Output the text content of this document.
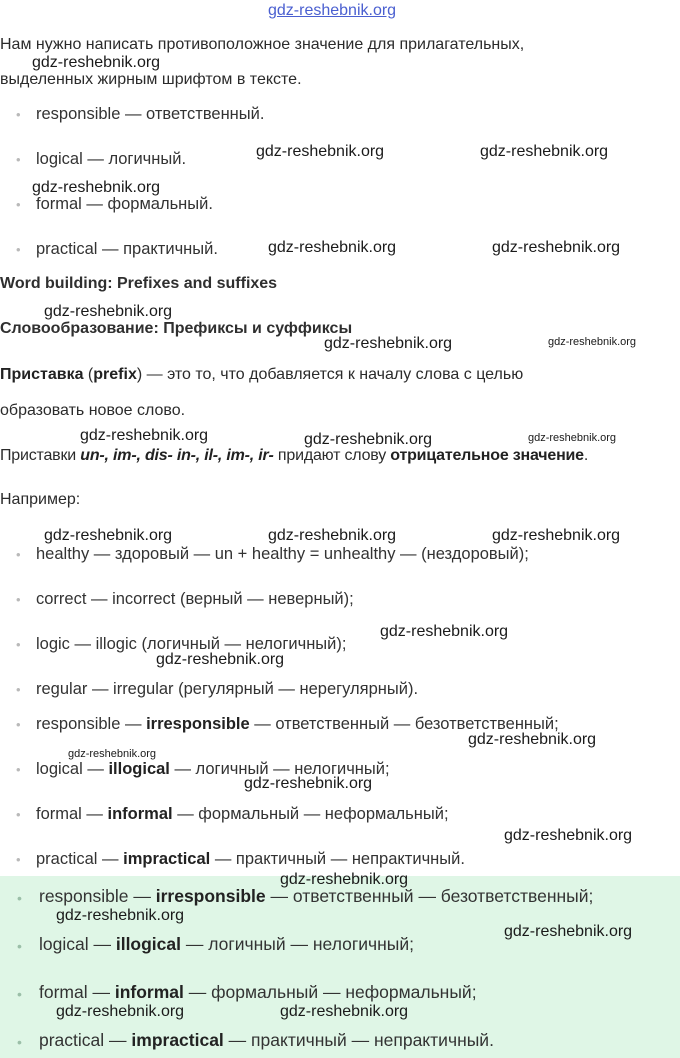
gdz-reshebnik.org
Нам нужно написать противоположное значение для прилагательных,
выделенных жирным шрифтом в тексте.
• responsible — ответственный.
• logical — логичный.
• formal — формальный.
• practical — практичный.
Word building: Prefixes and suffixes
Словообразование: Префиксы и суффиксы
Приставка (prefix) — это то, что добавляется к началу слова с целью
образовать новое слово.
Приставки un-, im-, dis- in-, il-, im-, ir- придают слову отрицательное значение.
Например:
• healthy — здоровый — un + healthy = unhealthy — (нездоровый);
• correct — incorrect (верный — неверный);
• logic — illogic (логичный — нелогичный);
• regular — irregular (регулярный — нерегулярный).
• responsible — irresponsible — ответственный — безответственный;
• logical — illogical — логичный — нелогичный;
• formal — informal — формальный — неформальный;
• practical — impractical — практичный — непрактичный.
• responsible — irresponsible — ответственный — безответственный;
• logical — illogical — логичный — нелогичный;
• formal — informal — формальный — неформальный;
• practical — impractical — практичный — непрактичный.
gdz-reshebnik.org
gdz-reshebnik.org	gdz-reshebnik.org
gdz-reshebnik.org
gdz-reshebnik.org	gdz-reshebnik.org
gdz-reshebnik.org
gdz-reshebnik.org	gdz-reshebnik.org
gdz-reshebnik.org	gdz-reshebnik.org	gdz-reshebnik.org
gdz-reshebnik.org	gdz-reshebnik.org	gdz-reshebnik.org
gdz-reshebnik.org
gdz-reshebnik.org
gdz-reshebnik.org
gdz-reshebnik.org
gdz-reshebnik.org
gdz-reshebnik.org
gdz-reshebnik.org
gdz-reshebnik.org
gdz-reshebnik.org
gdz-reshebnik.org	gdz-reshebnik.org
